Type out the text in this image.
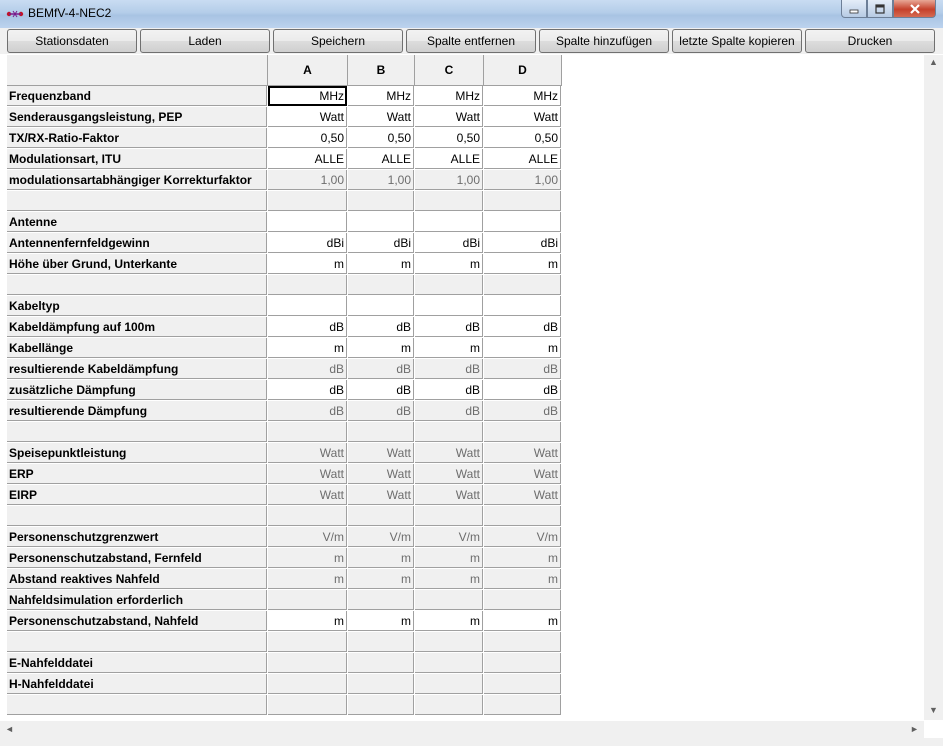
BEMfV-4-NEC2
Stationsdaten	Laden	Speichern	Spalte entfernen	Spalte hinzufügen	letzte Spalte kopieren	Drucken
A	B	C	D
Frequenzband	MHz	MHz	MHz	MHz
Senderausgangsleistung, PEP	Watt	Watt	Watt	Watt
TX/RX-Ratio-Faktor	0,50	0,50	0,50	0,50
Modulationsart, ITU	ALLE	ALLE	ALLE	ALLE
modulationsartabhängiger Korrekturfaktor	1,00	1,00	1,00	1,00
Antenne
Antennenfernfeldgewinn	dBi	dBi	dBi	dBi
Höhe über Grund, Unterkante	m	m	m	m
Kabeltyp
Kabeldämpfung auf 100m	dB	dB	dB	dB
Kabellänge	m	m	m	m
resultierende Kabeldämpfung	dB	dB	dB	dB
zusätzliche Dämpfung	dB	dB	dB	dB
resultierende Dämpfung	dB	dB	dB	dB
Speisepunktleistung	Watt	Watt	Watt	Watt
ERP	Watt	Watt	Watt	Watt
EIRP	Watt	Watt	Watt	Watt
Personenschutzgrenzwert	V/m	V/m	V/m	V/m
Personenschutzabstand, Fernfeld	m	m	m	m
Abstand reaktives Nahfeld	m	m	m	m
Nahfeldsimulation erforderlich
Personenschutzabstand, Nahfeld	m	m	m	m
E-Nahfelddatei
H-Nahfelddatei
▲
▼
◄	►
